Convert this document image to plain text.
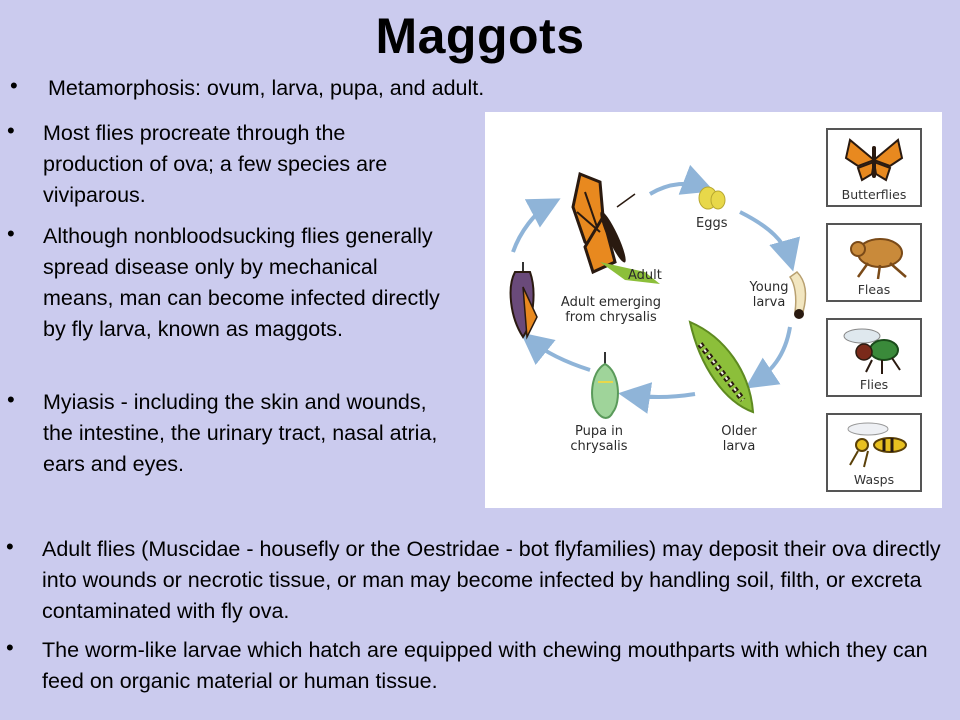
Maggots
• Metamorphosis: ovum, larva, pupa, and adult.
• Most flies procreate through the production of ova; a few species are viviparous.
• Although nonbloodsucking flies generally spread disease only by mechanical means, man can become infected directly by fly larva, known as maggots.
• Myiasis - including the skin and wounds, the intestine, the urinary tract, nasal atria, ears and eyes.
• Adult flies (Muscidae - housefly or the Oestridae - bot flyfamilies) may deposit their ova directly into wounds or necrotic tissue, or man may become infected by handling soil, filth, or excreta contaminated with fly ova.
• The worm-like larvae which hatch are equipped with chewing mouthparts with which they can feed on organic material or human tissue.
Eggs
Adult
Young larva
Adult emerging from chrysalis
Pupa in chrysalis
Older larva
Butterflies
Fleas
Flies
Wasps
